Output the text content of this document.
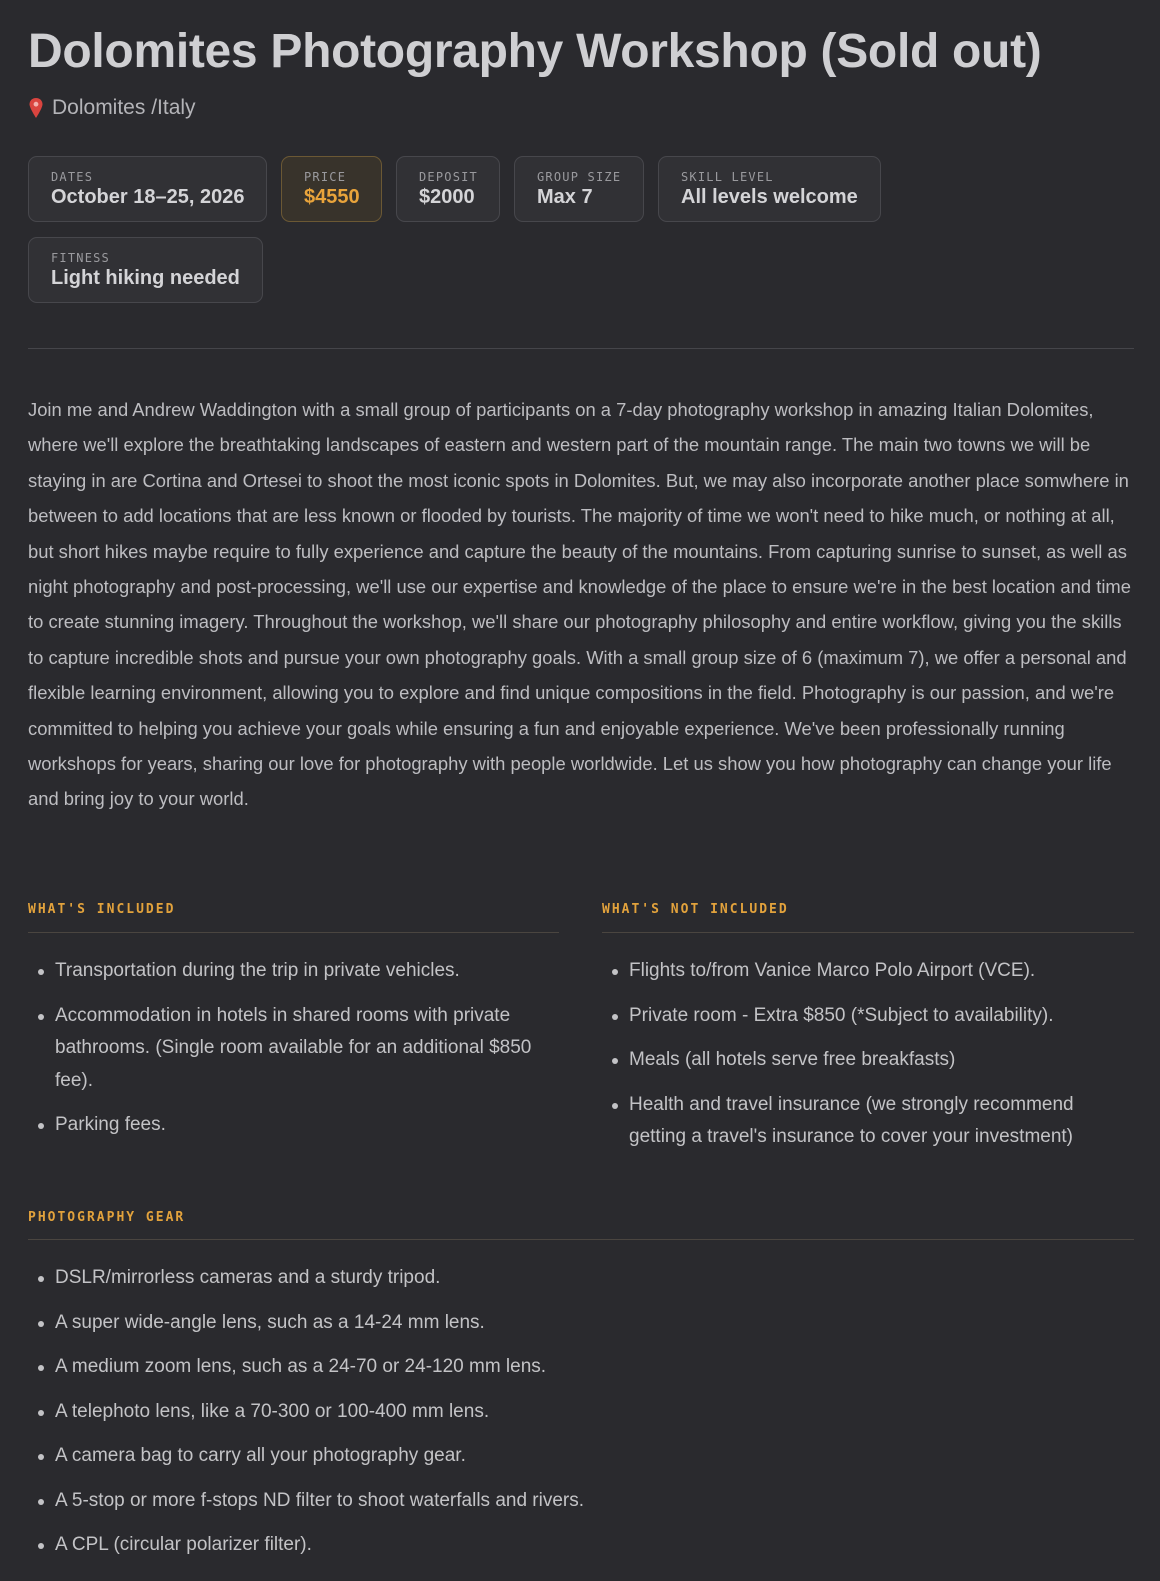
Dolomites Photography Workshop (Sold out)
Dolomites /Italy
DATES
October 18–25, 2026
PRICE
$4550
DEPOSIT
$2000
GROUP SIZE
Max 7
SKILL LEVEL
All levels welcome
FITNESS
Light hiking needed

Join me and Andrew Waddington with a small group of participants on a 7-day photography workshop in amazing Italian Dolomites, where we'll explore the breathtaking landscapes of eastern and western part of the mountain range. The main two towns we will be staying in are Cortina and Ortesei to shoot the most iconic spots in Dolomites. But, we may also incorporate another place somwhere in between to add locations that are less known or flooded by tourists. The majority of time we won't need to hike much, or nothing at all, but short hikes maybe require to fully experience and capture the beauty of the mountains. From capturing sunrise to sunset, as well as night photography and post-processing, we'll use our expertise and knowledge of the place to ensure we're in the best location and time to create stunning imagery. Throughout the workshop, we'll share our photography philosophy and entire workflow, giving you the skills to capture incredible shots and pursue your own photography goals. With a small group size of 6 (maximum 7), we offer a personal and flexible learning environment, allowing you to explore and find unique compositions in the field. Photography is our passion, and we're committed to helping you achieve your goals while ensuring a fun and enjoyable experience. We've been professionally running workshops for years, sharing our love for photography with people worldwide. Let us show you how photography can change your life and bring joy to your world.

WHAT'S INCLUDED
Transportation during the trip in private vehicles.
Accommodation in hotels in shared rooms with private bathrooms. (Single room available for an additional $850 fee).
Parking fees.
WHAT'S NOT INCLUDED
Flights to/from Vanice Marco Polo Airport (VCE).
Private room - Extra $850 (*Subject to availability).
Meals (all hotels serve free breakfasts)
Health and travel insurance (we strongly recommend getting a travel's insurance to cover your investment)
PHOTOGRAPHY GEAR
DSLR/mirrorless cameras and a sturdy tripod.
A super wide-angle lens, such as a 14-24 mm lens.
A medium zoom lens, such as a 24-70 or 24-120 mm lens.
A telephoto lens, like a 70-300 or 100-400 mm lens.
A camera bag to carry all your photography gear.
A 5-stop or more f-stops ND filter to shoot waterfalls and rivers.
A CPL (circular polarizer filter).
